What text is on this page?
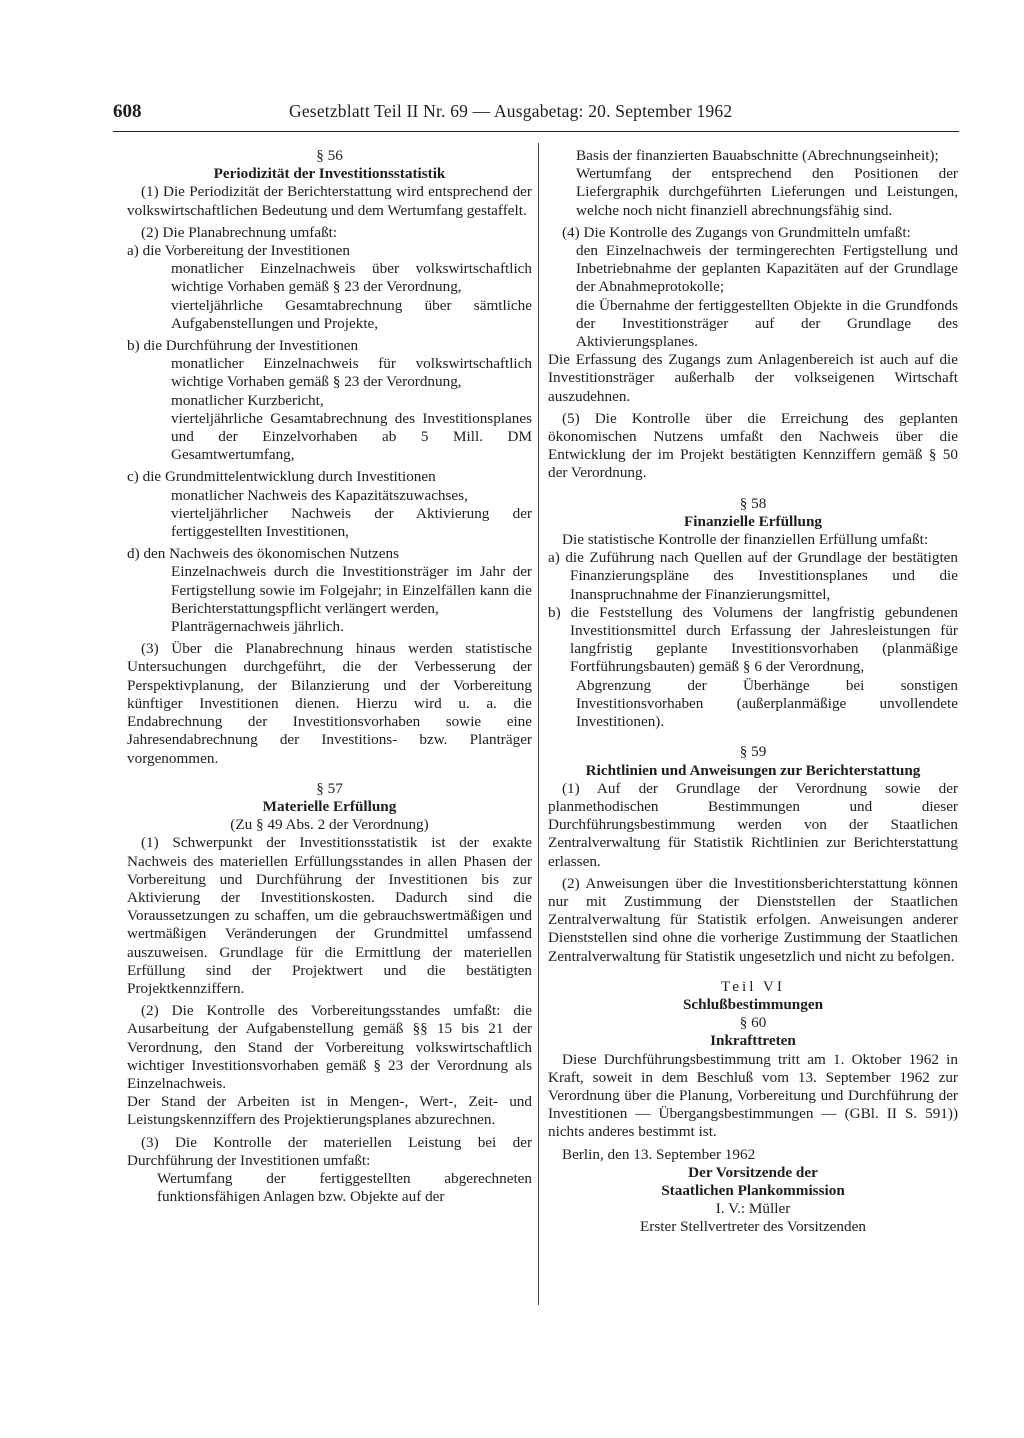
608	Gesetzblatt Teil II Nr. 69 — Ausgabetag: 20. September 1962

§ 56

Periodizität der Investitionsstatistik

(1) Die Periodizität der Berichterstattung wird entsprechend der volkswirtschaftlichen Bedeutung und dem Wertumfang gestaffelt.

(2) Die Planabrechnung umfaßt:

a) die Vorbereitung der Investitionen

monatlicher Einzelnachweis über volkswirtschaftlich wichtige Vorhaben gemäß § 23 der Verordnung,

vierteljährliche Gesamtabrechnung über sämtliche Aufgabenstellungen und Projekte,

b) die Durchführung der Investitionen

monatlicher Einzelnachweis für volkswirtschaftlich wichtige Vorhaben gemäß § 23 der Verordnung,

monatlicher Kurzbericht,

vierteljährliche Gesamtabrechnung des Investitionsplanes und der Einzelvorhaben ab 5 Mill. DM Gesamtwertumfang,

c) die Grundmittelentwicklung durch Investitionen

monatlicher Nachweis des Kapazitätszuwachses,

vierteljährlicher Nachweis der Aktivierung der fertiggestellten Investitionen,

d) den Nachweis des ökonomischen Nutzens

Einzelnachweis durch die Investitionsträger im Jahr der Fertigstellung sowie im Folgejahr; in Einzelfällen kann die Berichterstattungspflicht verlängert werden,

Planträgernachweis jährlich.

(3) Über die Planabrechnung hinaus werden statistische Untersuchungen durchgeführt, die der Verbesserung der Perspektivplanung, der Bilanzierung und der Vorbereitung künftiger Investitionen dienen. Hierzu wird u. a. die Endabrechnung der Investitionsvorhaben sowie eine Jahresendabrechnung der Investitions- bzw. Planträger vorgenommen.

§ 57

Materielle Erfüllung

(Zu § 49 Abs. 2 der Verordnung)

(1) Schwerpunkt der Investitionsstatistik ist der exakte Nachweis des materiellen Erfüllungsstandes in allen Phasen der Vorbereitung und Durchführung der Investitionen bis zur Aktivierung der Investitionskosten. Dadurch sind die Voraussetzungen zu schaffen, um die gebrauchswertmäßigen und wertmäßigen Veränderungen der Grundmittel umfassend auszuweisen. Grundlage für die Ermittlung der materiellen Erfüllung sind der Projektwert und die bestätigten Projektkennziffern.

(2) Die Kontrolle des Vorbereitungsstandes umfaßt: die Ausarbeitung der Aufgabenstellung gemäß §§ 15 bis 21 der Verordnung, den Stand der Vorbereitung volkswirtschaftlich wichtiger Investitionsvorhaben gemäß § 23 der Verordnung als Einzelnachweis.

Der Stand der Arbeiten ist in Mengen-, Wert-, Zeit- und Leistungskennziffern des Projektierungsplanes abzurechnen.

(3) Die Kontrolle der materiellen Leistung bei der Durchführung der Investitionen umfaßt:

Wertumfang der fertiggestellten abgerechneten funktionsfähigen Anlagen bzw. Objekte auf der

Basis der finanzierten Bauabschnitte (Abrechnungseinheit);

Wertumfang der entsprechend den Positionen der Liefergraphik durchgeführten Lieferungen und Leistungen, welche noch nicht finanziell abrechnungsfähig sind.

(4) Die Kontrolle des Zugangs von Grundmitteln umfaßt:

den Einzelnachweis der termingerechten Fertigstellung und Inbetriebnahme der geplanten Kapazitäten auf der Grundlage der Abnahmeprotokolle;

die Übernahme der fertiggestellten Objekte in die Grundfonds der Investitionsträger auf der Grundlage des Aktivierungsplanes.

Die Erfassung des Zugangs zum Anlagenbereich ist auch auf die Investitionsträger außerhalb der volkseigenen Wirtschaft auszudehnen.

(5) Die Kontrolle über die Erreichung des geplanten ökonomischen Nutzens umfaßt den Nachweis über die Entwicklung der im Projekt bestätigten Kennziffern gemäß § 50 der Verordnung.

§ 58

Finanzielle Erfüllung

Die statistische Kontrolle der finanziellen Erfüllung umfaßt:

a) die Zuführung nach Quellen auf der Grundlage der bestätigten Finanzierungspläne des Investitionsplanes und die Inanspruchnahme der Finanzierungsmittel,

b) die Feststellung des Volumens der langfristig gebundenen Investitionsmittel durch Erfassung der Jahresleistungen für langfristig geplante Investitionsvorhaben (planmäßige Fortführungsbauten) gemäß § 6 der Verordnung,

Abgrenzung der Überhänge bei sonstigen Investitionsvorhaben (außerplanmäßige unvollendete Investitionen).

§ 59

Richtlinien und Anweisungen zur Berichterstattung

(1) Auf der Grundlage der Verordnung sowie der planmethodischen Bestimmungen und dieser Durchführungsbestimmung werden von der Staatlichen Zentralverwaltung für Statistik Richtlinien zur Berichterstattung erlassen.

(2) Anweisungen über die Investitionsberichterstattung können nur mit Zustimmung der Dienststellen der Staatlichen Zentralverwaltung für Statistik erfolgen. Anweisungen anderer Dienststellen sind ohne die vorherige Zustimmung der Staatlichen Zentralverwaltung für Statistik ungesetzlich und nicht zu befolgen.

Teil VI

Schlußbestimmungen

§ 60

Inkrafttreten

Diese Durchführungsbestimmung tritt am 1. Oktober 1962 in Kraft, soweit in dem Beschluß vom 13. September 1962 zur Verordnung über die Planung, Vorbereitung und Durchführung der Investitionen — Übergangsbestimmungen — (GBl. II S. 591)) nichts anderes bestimmt ist.

Berlin, den 13. September 1962

Der Vorsitzende der

Staatlichen Plankommission

I. V.: Müller

Erster Stellvertreter des Vorsitzenden
